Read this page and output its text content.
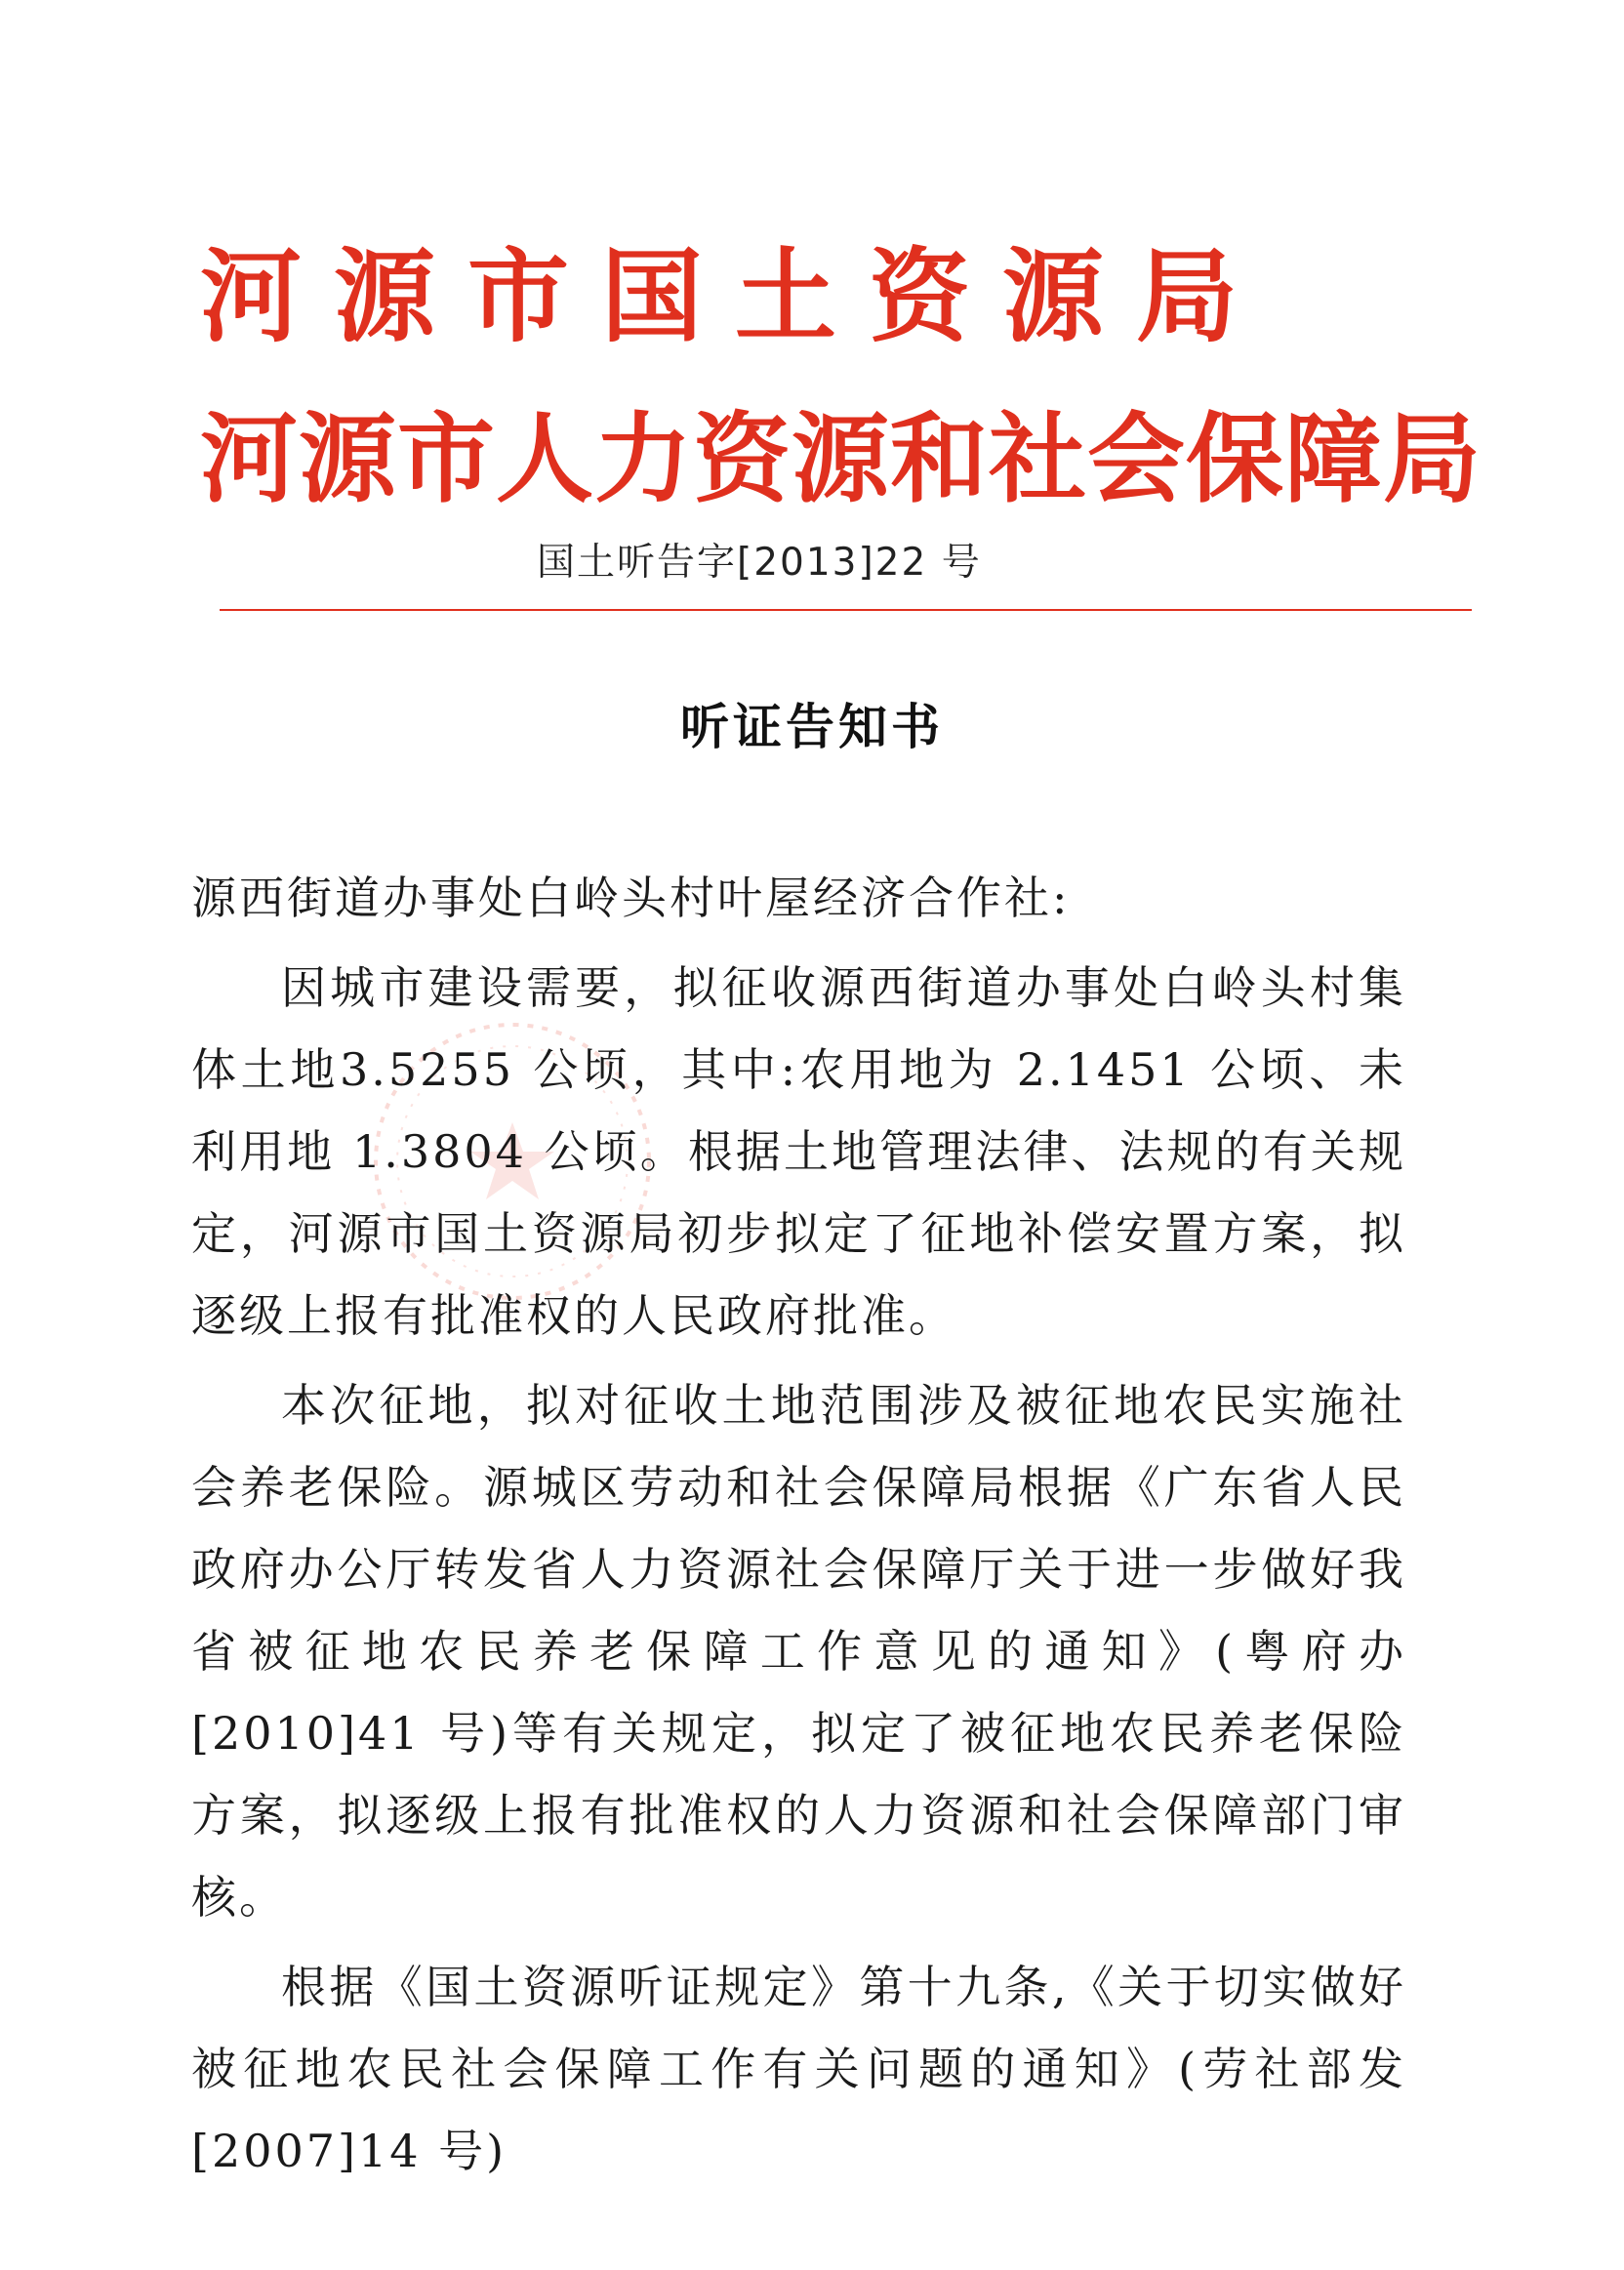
河源市国土资源局
河源市人力资源和社会保障局
国土听告字[2013]22 号
听证告知书

源西街道办事处白岭头村叶屋经济合作社:

因城市建设需要，拟征收源西街道办事处白岭头村集体土地3.5255 公顷，其中:农用地为 2.1451 公顷、未利用地 1.3804 公顷。根据土地管理法律、法规的有关规定，河源市国土资源局初步拟定了征地补偿安置方案，拟逐级上报有批准权的人民政府批准。

本次征地，拟对征收土地范围涉及被征地农民实施社会养老保险。源城区劳动和社会保障局根据《广东省人民政府办公厅转发省人力资源社会保障厅关于进一步做好我省被征地农民养老保障工作意见的通知》(粤府办[2010]41 号)等有关规定，拟定了被征地农民养老保险方案，拟逐级上报有批准权的人力资源和社会保障部门审核。

根据《国土资源听证规定》第十九条,《关于切实做好被征地农民社会保障工作有关问题的通知》(劳社部发[2007]14 号)
